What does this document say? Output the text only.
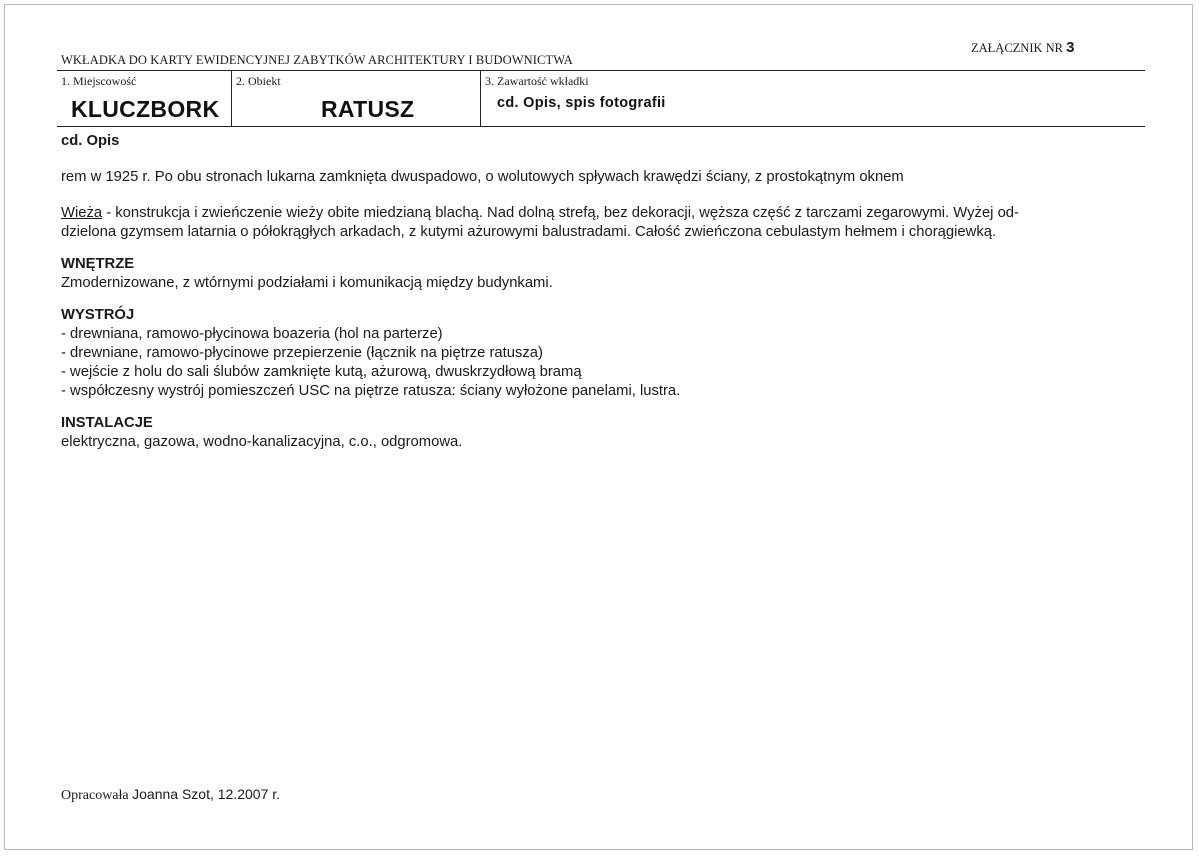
WKŁADKA DO KARTY EWIDENCYJNEJ ZABYTKÓW ARCHITEKTURY I BUDOWNICTWA
ZAŁĄCZNIK NR 3
1. Miejscowość
KLUCZBORK
2. Obiekt
RATUSZ
3. Zawartość wkładki
cd. Opis, spis fotografii

cd. Opis

rem w 1925 r. Po obu stronach lukarna zamknięta dwuspadowo, o wolutowych spływach krawędzi ściany, z prostokątnym oknem

Wieża - konstrukcja i zwieńczenie wieży obite miedzianą blachą. Nad dolną strefą, bez dekoracji, węższa część z tarczami zegarowymi. Wyżej od-

dzielona gzymsem latarnia o półokrągłych arkadach, z kutymi ażurowymi balustradami. Całość zwieńczona cebulastym hełmem i chorągiewką.

WNĘTRZE

Zmodernizowane, z wtórnymi podziałami i komunikacją między budynkami.

WYSTRÓJ

- drewniana, ramowo-płycinowa boazeria (hol na parterze)
- drewniane, ramowo-płycinowe przepierzenie (łącznik na piętrze ratusza)
- wejście z holu do sali ślubów zamknięte kutą, ażurową, dwuskrzydłową bramą
- współczesny wystrój pomieszczeń USC na piętrze ratusza: ściany wyłożone panelami, lustra.

INSTALACJE

elektryczna, gazowa, wodno-kanalizacyjna, c.o., odgromowa.

Opracowała Joanna Szot, 12.2007 r.
